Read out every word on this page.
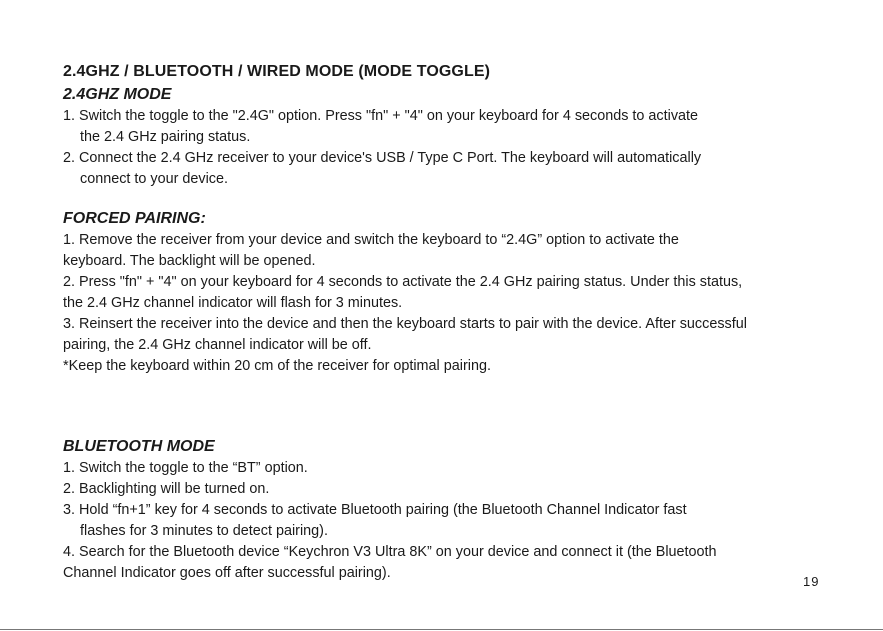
2.4GHZ / BLUETOOTH / WIRED MODE (MODE TOGGLE)
2.4GHZ MODE

1. Switch the toggle to the "2.4G" option. Press "fn" + "4" on your keyboard for 4 seconds to activate

the 2.4 GHz pairing status.

2. Connect the 2.4 GHz receiver to your device's USB / Type C Port. The keyboard will automatically

connect to your device.

FORCED PAIRING:

1. Remove the receiver from your device and switch the keyboard to “2.4G” option to activate the

keyboard. The backlight will be opened.

2. Press "fn" + "4" on your keyboard for 4 seconds to activate the 2.4 GHz pairing status. Under this status,

the 2.4 GHz channel indicator will flash for 3 minutes.

3. Reinsert the receiver into the device and then the keyboard starts to pair with the device. After successful

pairing, the 2.4 GHz channel indicator will be off.

*Keep the keyboard within 20 cm of the receiver for optimal pairing.

BLUETOOTH MODE

1. Switch the toggle to the “BT” option.

2. Backlighting will be turned on.

3. Hold “fn+1” key for 4 seconds to activate Bluetooth pairing (the Bluetooth Channel Indicator fast

flashes for 3 minutes to detect pairing).

4. Search for the Bluetooth device “Keychron V3 Ultra 8K” on your device and connect it (the Bluetooth

Channel Indicator goes off after successful pairing).

19
